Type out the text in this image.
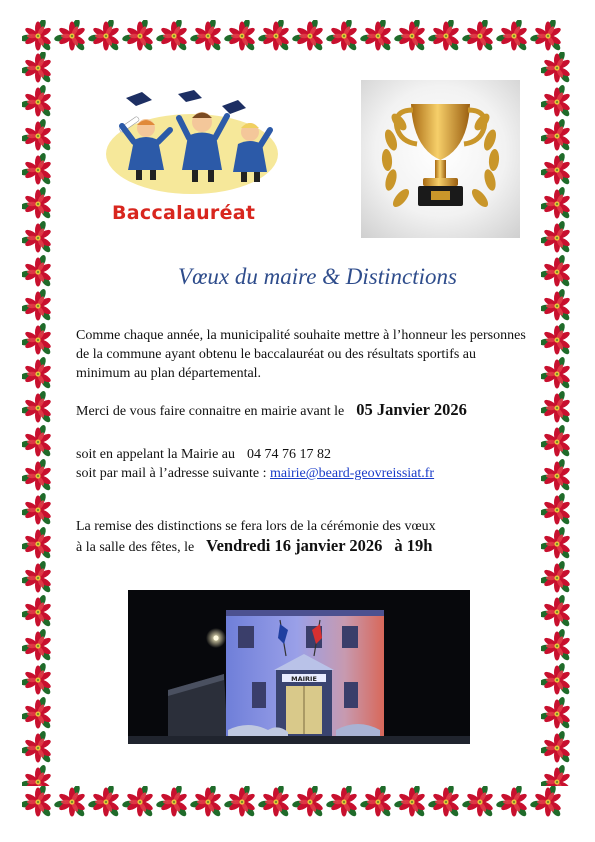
Baccalauréat
Vœux du maire & Distinctions
Comme chaque année, la municipalité souhaite mettre à l’honneur les personnes de la commune ayant obtenu le baccalauréat ou des résultats sportifs au minimum au plan départemental.
Merci de vous faire connaitre en mairie avant le 05 Janvier 2026
soit en appelant la Mairie au 04 74 76 17 82
soit par mail à l’adresse suivante : mairie@beard-geovreissiat.fr
La remise des distinctions se fera lors de la cérémonie des vœux
à la salle des fêtes, le Vendredi 16 janvier 2026 à 19h
MAIRIE
